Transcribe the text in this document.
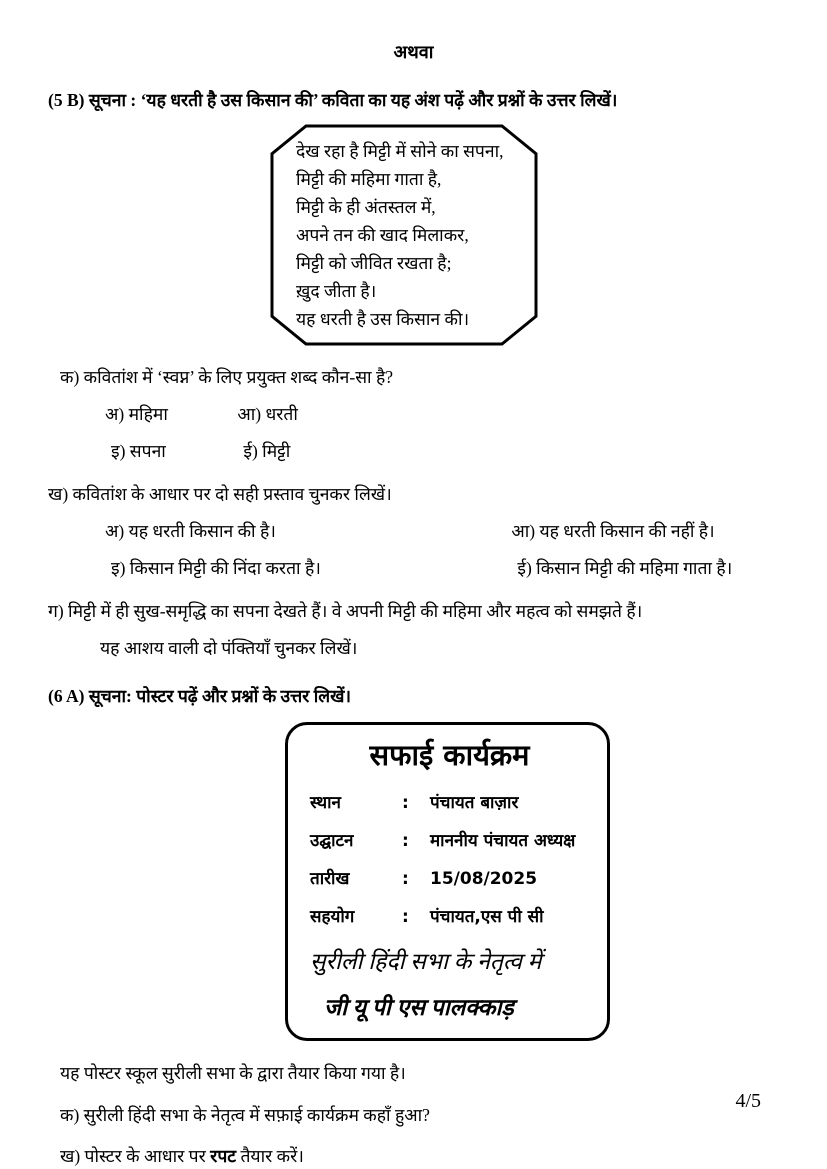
अथवा
(5 B) सूचना : ‘यह धरती है उस किसान की’ कविता का यह अंश पढ़ें और प्रश्नों के उत्तर लिखें।
देख रहा है मिट्टी में सोने का सपना,
मिट्टी की महिमा गाता है,
मिट्टी के ही अंतस्तल में,
अपने तन की खाद मिलाकर,
मिट्टी को जीवित रखता है;
ख़ुद जीता है।
यह धरती है उस किसान की।
क) कवितांश में ‘स्वप्न’ के लिए प्रयुक्त शब्द कौन-सा है?
अ) महिमा	आ) धरती
इ) सपना	ई) मिट्टी
ख) कवितांश के आधार पर दो सही प्रस्ताव चुनकर लिखें।
अ) यह धरती किसान की है।	आ) यह धरती किसान की नहीं है।
इ) किसान मिट्टी की निंदा करता है।	ई) किसान मिट्टी की महिमा गाता है।
ग) मिट्टी में ही सुख-समृद्धि का सपना देखते हैं। वे अपनी मिट्टी की महिमा और महत्व को समझते हैं।
यह आशय वाली दो पंक्तियाँ चुनकर लिखें।
(6 A) सूचना: पोस्टर पढ़ें और प्रश्नों के उत्तर लिखें।
सफाई कार्यक्रम
स्थान	:	पंचायत बाज़ार
उद्घाटन	:	माननीय पंचायत अध्यक्ष
तारीख	:	15/08/2025
सहयोग	:	पंचायत,एस पी सी
सुरीली हिंदी सभा के नेतृत्व में
जी यू पी एस पालक्काड़
यह पोस्टर स्कूल सुरीली सभा के द्वारा तैयार किया गया है।
क) सुरीली हिंदी सभा के नेतृत्व में सफ़ाई कार्यक्रम कहाँ हुआ?
ख) पोस्टर के आधार पर रपट तैयार करें।
4/5
